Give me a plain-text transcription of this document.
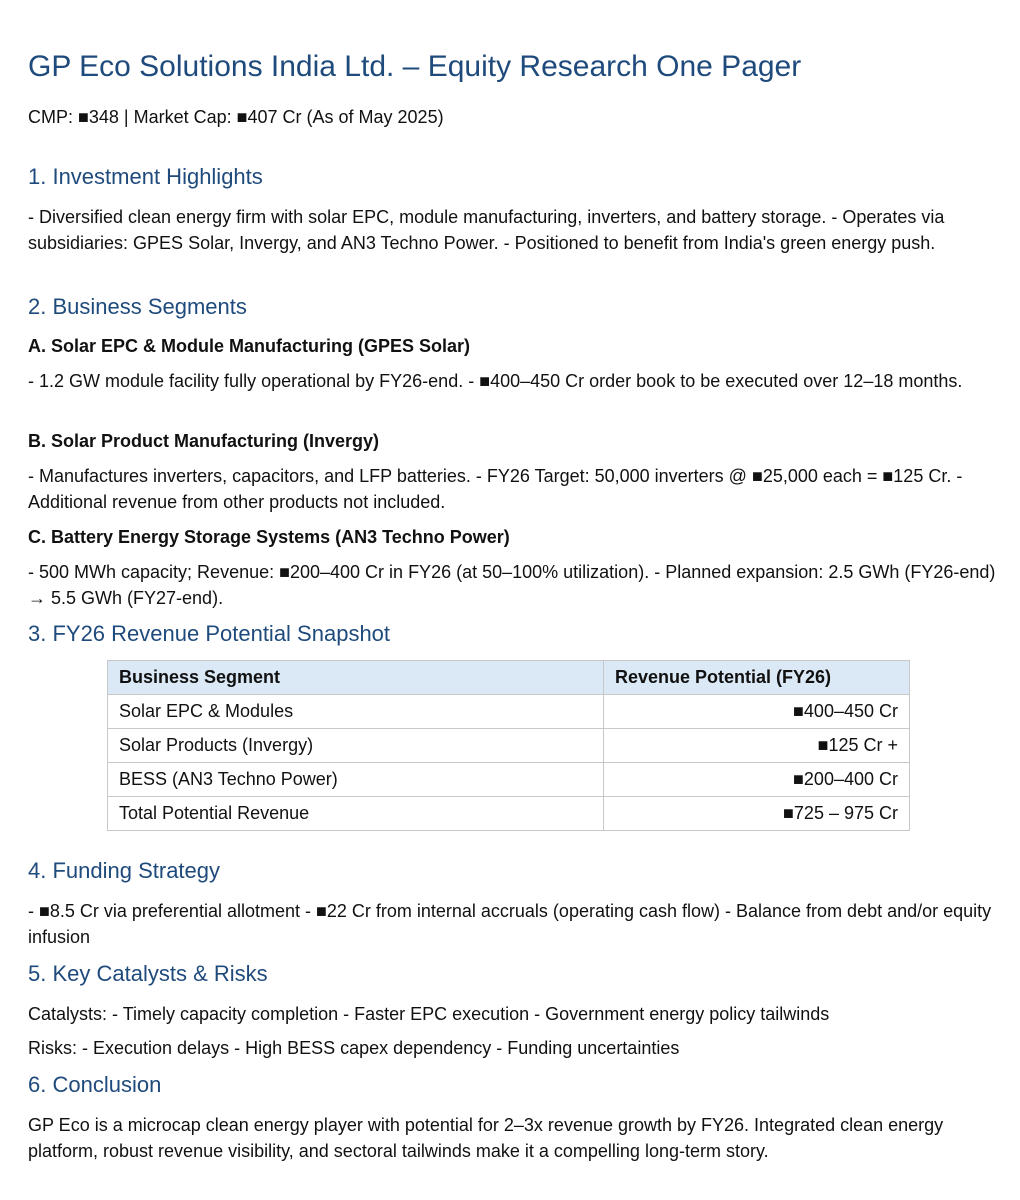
GP Eco Solutions India Ltd. – Equity Research One Pager
CMP: ■348 | Market Cap: ■407 Cr (As of May 2025)
1. Investment Highlights
- Diversified clean energy firm with solar EPC, module manufacturing, inverters, and battery storage. - Operates via subsidiaries: GPES Solar, Invergy, and AN3 Techno Power. - Positioned to benefit from India's green energy push.
2. Business Segments
A. Solar EPC & Module Manufacturing (GPES Solar)
- 1.2 GW module facility fully operational by FY26-end. - ■400–450 Cr order book to be executed over 12–18 months.
B. Solar Product Manufacturing (Invergy)
- Manufactures inverters, capacitors, and LFP batteries. - FY26 Target: 50,000 inverters @ ■25,000 each = ■125 Cr. - Additional revenue from other products not included.
C. Battery Energy Storage Systems (AN3 Techno Power)
- 500 MWh capacity; Revenue: ■200–400 Cr in FY26 (at 50–100% utilization). - Planned expansion: 2.5 GWh (FY26-end) → 5.5 GWh (FY27-end).
3. FY26 Revenue Potential Snapshot
Business Segment	Revenue Potential (FY26)
Solar EPC & Modules	■400–450 Cr
Solar Products (Invergy)	■125 Cr +
BESS (AN3 Techno Power)	■200–400 Cr
Total Potential Revenue	■725 – 975 Cr
4. Funding Strategy
- ■8.5 Cr via preferential allotment - ■22 Cr from internal accruals (operating cash flow) - Balance from debt and/or equity infusion
5. Key Catalysts & Risks
Catalysts: - Timely capacity completion - Faster EPC execution - Government energy policy tailwinds
Risks: - Execution delays - High BESS capex dependency - Funding uncertainties
6. Conclusion
GP Eco is a microcap clean energy player with potential for 2–3x revenue growth by FY26. Integrated clean energy platform, robust revenue visibility, and sectoral tailwinds make it a compelling long-term story.
